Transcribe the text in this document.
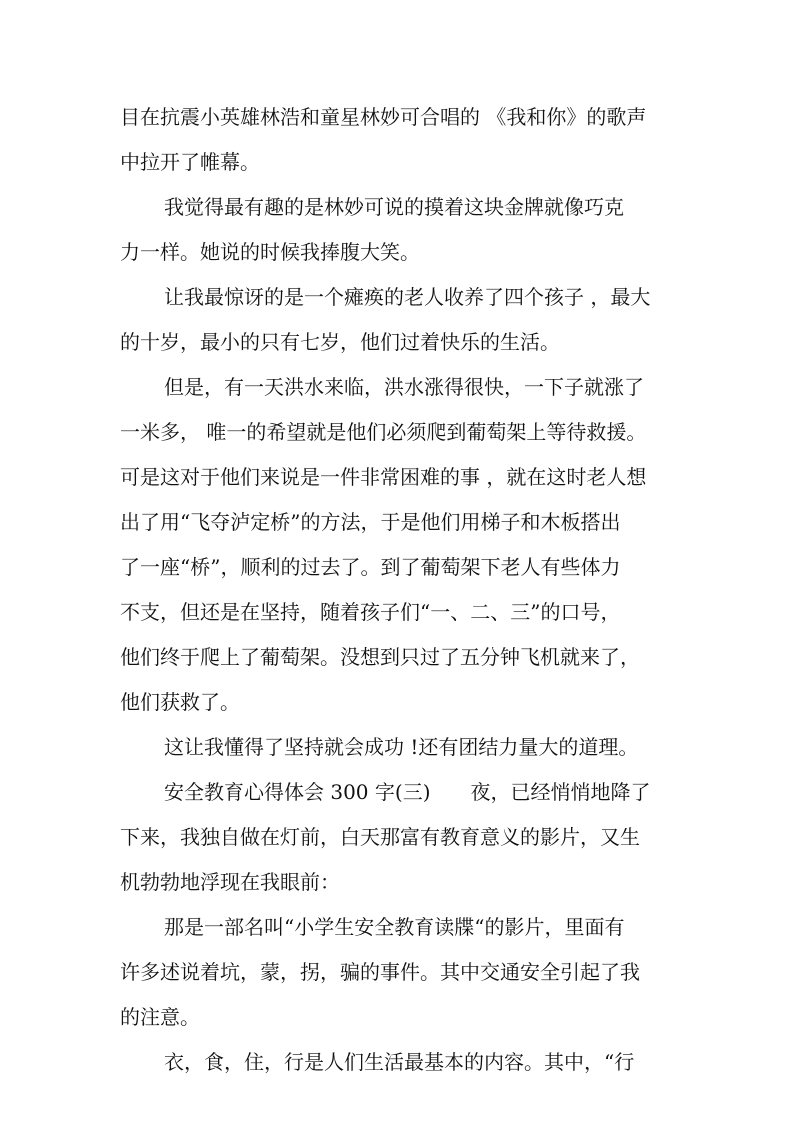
目在抗震小英雄林浩和童星林妙可合唱的 《我和你》的歌声
中拉开了帷幕。
我觉得最有趣的是林妙可说的摸着这块金牌就像巧克
力一样。她说的时候我捧腹大笑。
让我最惊讶的是一个瘫痪的老人收养了四个孩子 ，最大
的十岁，最小的只有七岁，他们过着快乐的生活。
但是，有一天洪水来临，洪水涨得很快，一下子就涨了
一米多， 唯一的希望就是他们必须爬到葡萄架上等待救援。
可是这对于他们来说是一件非常困难的事 ，就在这时老人想
出了用“飞夺泸定桥”的方法，于是他们用梯子和木板搭出
了一座“桥”，顺利的过去了。到了葡萄架下老人有些体力
不支，但还是在坚持，随着孩子们“一、二、三”的口号，
他们终于爬上了葡萄架。没想到只过了五分钟飞机就来了，
他们获救了。
这让我懂得了坚持就会成功 !还有团结力量大的道理。
安全教育心得体会 300 字(三)　　夜，已经悄悄地降了
下来，我独自做在灯前，白天那富有教育意义的影片，又生
机勃勃地浮现在我眼前：
那是一部名叫“小学生安全教育读牒“的影片，里面有
许多述说着坑，蒙，拐，骗的事件。其中交通安全引起了我
的注意。
衣，食，住，行是人们生活最基本的内容。其中，“行
